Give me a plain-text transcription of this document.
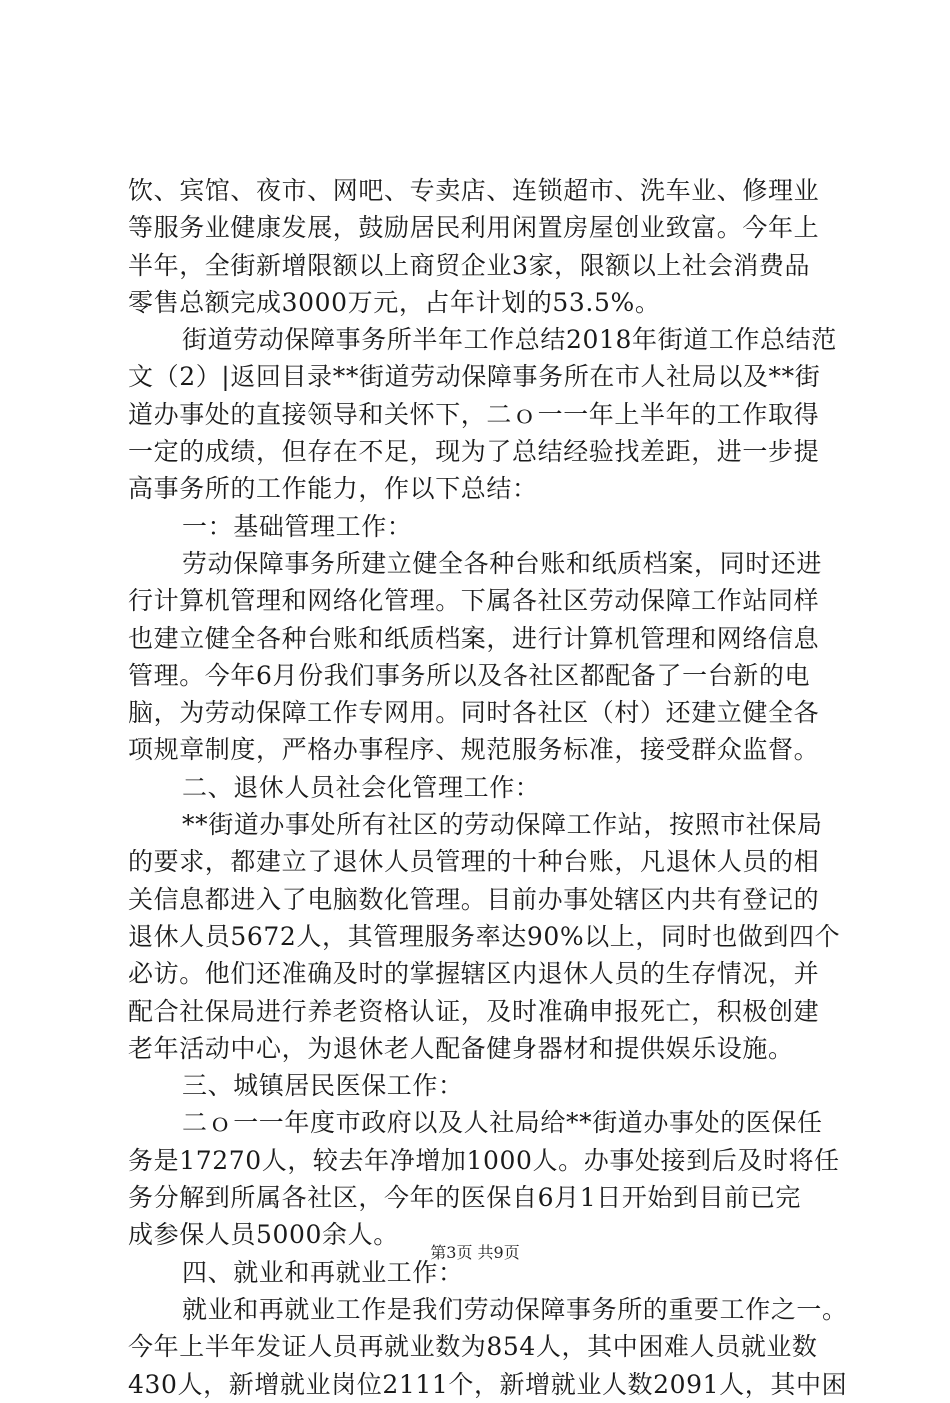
饮、宾馆、夜市、网吧、专卖店、连锁超市、洗车业、修理业
等服务业健康发展，鼓励居民利用闲置房屋创业致富。今年上
半年，全街新增限额以上商贸企业3家，限额以上社会消费品
零售总额完成3000万元，占年计划的53.5%。
街道劳动保障事务所半年工作总结2018年街道工作总结范
文（2）|返回目录**街道劳动保障事务所在市人社局以及**街
道办事处的直接领导和关怀下，二ｏ一一年上半年的工作取得
一定的成绩，但存在不足，现为了总结经验找差距，进一步提
高事务所的工作能力，作以下总结：
一：基础管理工作：
劳动保障事务所建立健全各种台账和纸质档案，同时还进
行计算机管理和网络化管理。下属各社区劳动保障工作站同样
也建立健全各种台账和纸质档案，进行计算机管理和网络信息
管理。今年6月份我们事务所以及各社区都配备了一台新的电
脑，为劳动保障工作专网用。同时各社区（村）还建立健全各
项规章制度，严格办事程序、规范服务标准，接受群众监督。
二、退休人员社会化管理工作：
**街道办事处所有社区的劳动保障工作站，按照市社保局
的要求，都建立了退休人员管理的十种台账，凡退休人员的相
关信息都进入了电脑数化管理。目前办事处辖区内共有登记的
退休人员5672人，其管理服务率达90%以上，同时也做到四个
必访。他们还准确及时的掌握辖区内退休人员的生存情况，并
配合社保局进行养老资格认证，及时准确申报死亡，积极创建
老年活动中心，为退休老人配备健身器材和提供娱乐设施。
三、城镇居民医保工作：
二ｏ一一年度市政府以及人社局给**街道办事处的医保任
务是17270人，较去年净增加1000人。办事处接到后及时将任
务分解到所属各社区，今年的医保自6月1日开始到目前已完
成参保人员5000余人。
四、就业和再就业工作：
就业和再就业工作是我们劳动保障事务所的重要工作之一。
今年上半年发证人员再就业数为854人，其中困难人员就业数
430人，新增就业岗位2111个，新增就业人数2091人，其中困
第3页 共9页
